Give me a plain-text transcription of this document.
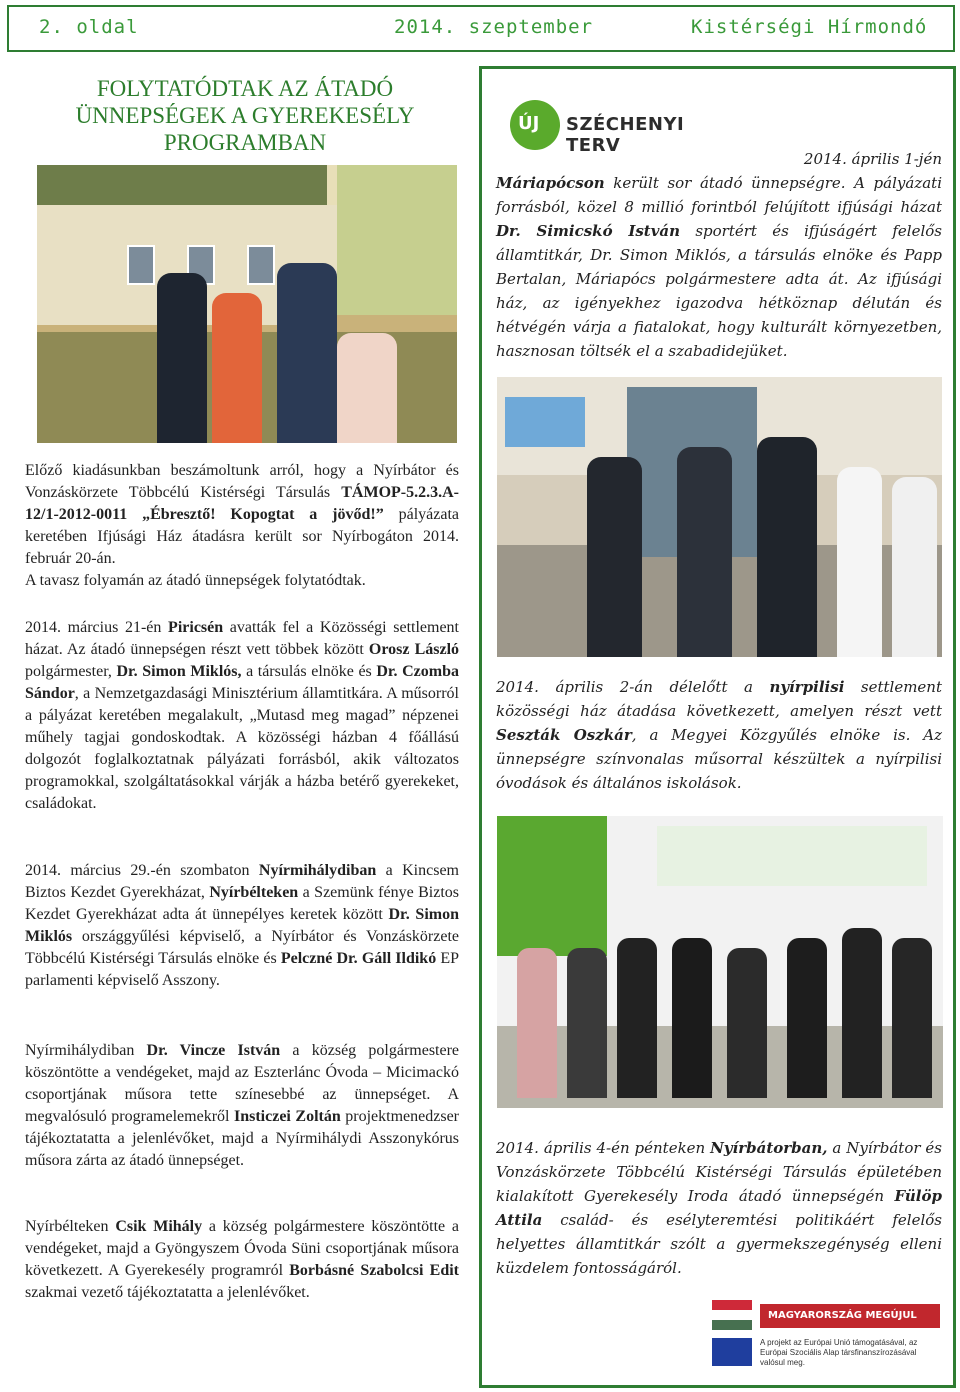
2. oldal	2014. szeptember	Kistérségi Hírmondó
FOLYTATÓDTAK AZ ÁTADÓ ÜNNEPSÉGEK A GYEREKESÉLY PROGRAMBAN
ÚJ SZÉCHENYI TERV

2014. április 1-jén
Máriapócson került sor átadó ünnepségre. A pályázati forrásból, közel 8 millió forintból felújított ifjúsági házat Dr. Simicskó István sportért és ifjúságért felelős államtitkár, Dr. Simon Miklós, a társulás elnöke és Papp Bertalan, Máriapócs polgármestere adta át. Az ifjúsági ház, az igényekhez igazodva hétköznap délután és hétvégén várja a fiatalokat, hogy kulturált környezetben, hasznosan töltsék el a szabadidejüket.

2014. április 2-án délelőtt a nyírpilisi settlement közösségi ház átadása következett, amelyen részt vett Seszták Oszkár, a Megyei Közgyűlés elnöke is. Az ünnepségre színvonalas műsorral készültek a nyírpilisi óvodások és általános iskolások.

2014. április 4-én pénteken Nyírbátorban, a Nyírbátor és Vonzáskörzete Többcélú Kistérségi Társulás épületében kialakított Gyerekesély Iroda átadó ünnepségén Fülöp Attila család- és esélyteremtési politikáért felelős helyettes államtitkár szólt a gyermekszegénység elleni küzdelem fontosságáról.

Előző kiadásunkban beszámoltunk arról, hogy a Nyírbátor és Vonzáskörzete Többcélú Kistérségi Társulás TÁMOP-5.2.3.A-12/1-2012-0011 „Ébresztő! Kopogtat a jövőd!” pályázata keretében Ifjúsági Ház átadásra került sor Nyírbogáton 2014. február 20-án.
A tavasz folyamán az átadó ünnepségek folytatódtak.

2014. március 21-én Piricsén avatták fel a Közösségi settlement házat. Az átadó ünnepségen részt vett többek között Orosz László polgármester, Dr. Simon Miklós, a társulás elnöke és Dr. Czomba Sándor, a Nemzetgazdasági Minisztérium államtitkára. A műsorról a pályázat keretében megalakult, „Mutasd meg magad” népzenei műhely tagjai gondoskodtak. A közösségi házban 4 főállású dolgozót foglalkoztatnak pályázati forrásból, akik változatos programokkal, szolgáltatásokkal várják a házba betérő gyerekeket, családokat.

2014. március 29.-én szombaton Nyírmihálydiban a Kincsem Biztos Kezdet Gyerekházat, Nyírbélteken a Szemünk fénye Biztos Kezdet Gyerekházat adta át ünnepélyes keretek között Dr. Simon Miklós országgyűlési képviselő, a Nyírbátor és Vonzáskörzete Többcélú Kistérségi Társulás elnöke és Pelczné Dr. Gáll Ildikó EP parlamenti képviselő Asszony.

Nyírmihálydiban Dr. Vincze István a község polgármestere köszöntötte a vendégeket, majd az Eszterlánc Óvoda – Micimackó csoportjának műsora tette színesebbé az ünnepséget. A megvalósuló programelemekről Insticzei Zoltán projektmenedzser tájékoztatatta a jelenlévőket, majd a Nyírmihálydi Asszonykórus műsora zárta az átadó ünnepséget.

Nyírbélteken Csik Mihály a község polgármestere köszöntötte a vendégeket, majd a Gyöngyszem Óvoda Süni csoportjának műsora következett. A Gyerekesély programról Borbásné Szabolcsi Edit szakmai vezető tájékoztatatta a jelenlévőket.

MAGYARORSZÁG MEGÚJUL
A projekt az Európai Unió támogatásával, az Európai Szociális Alap társfinanszírozásával valósul meg.
